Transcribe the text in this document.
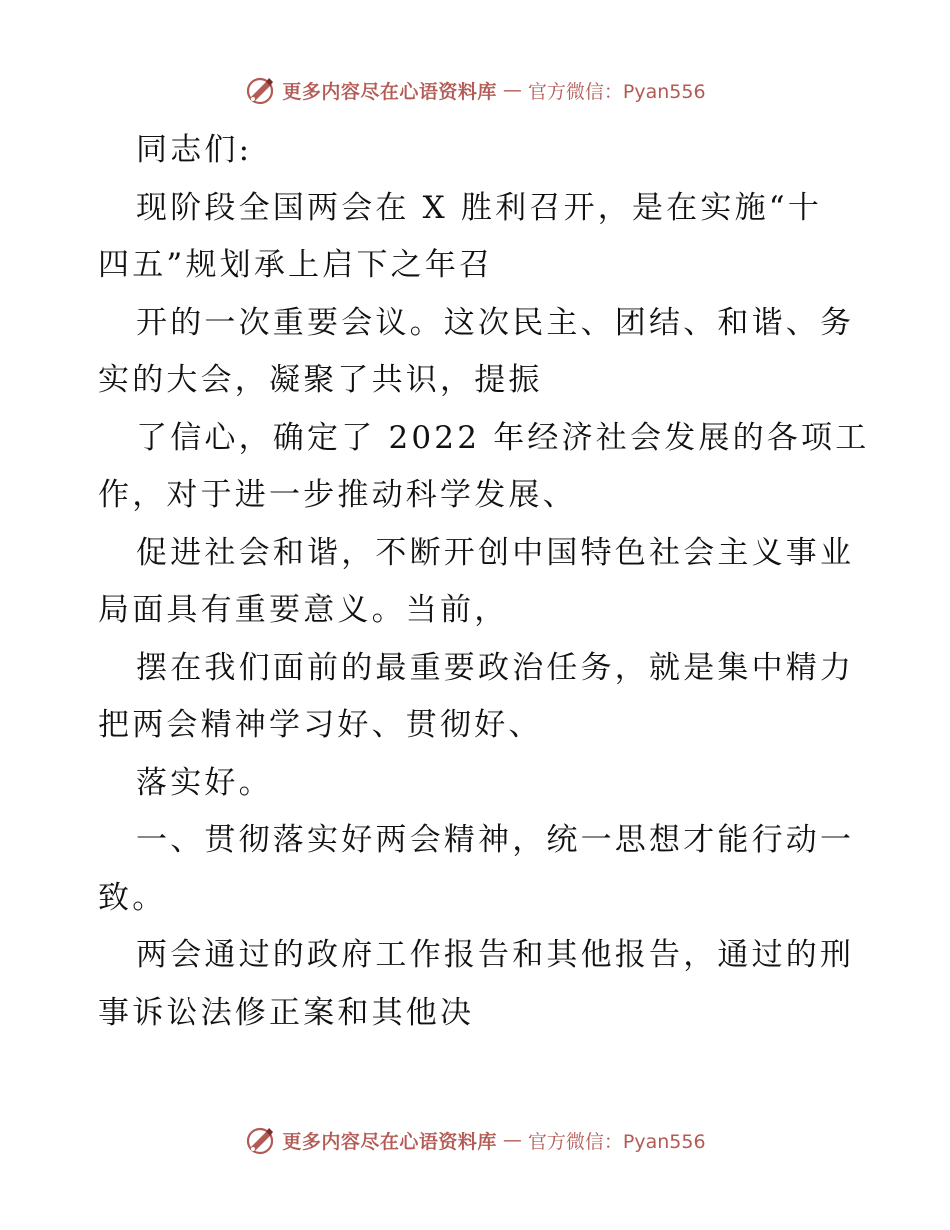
更多内容尽在心语资料库 — 官方微信：Pyan556

同志们:

现阶段全国两会在 X 胜利召开，是在实施“十

四五”规划承上启下之年召

开的一次重要会议。这次民主、团结、和谐、务

实的大会，凝聚了共识，提振

了信心，确定了 2022 年经济社会发展的各项工

作，对于进一步推动科学发展、

促进社会和谐，不断开创中国特色社会主义事业

局面具有重要意义。当前，

摆在我们面前的最重要政治任务，就是集中精力

把两会精神学习好、贯彻好、

落实好。

一、贯彻落实好两会精神，统一思想才能行动一

致。

两会通过的政府工作报告和其他报告，通过的刑

事诉讼法修正案和其他决

更多内容尽在心语资料库 — 官方微信：Pyan556
